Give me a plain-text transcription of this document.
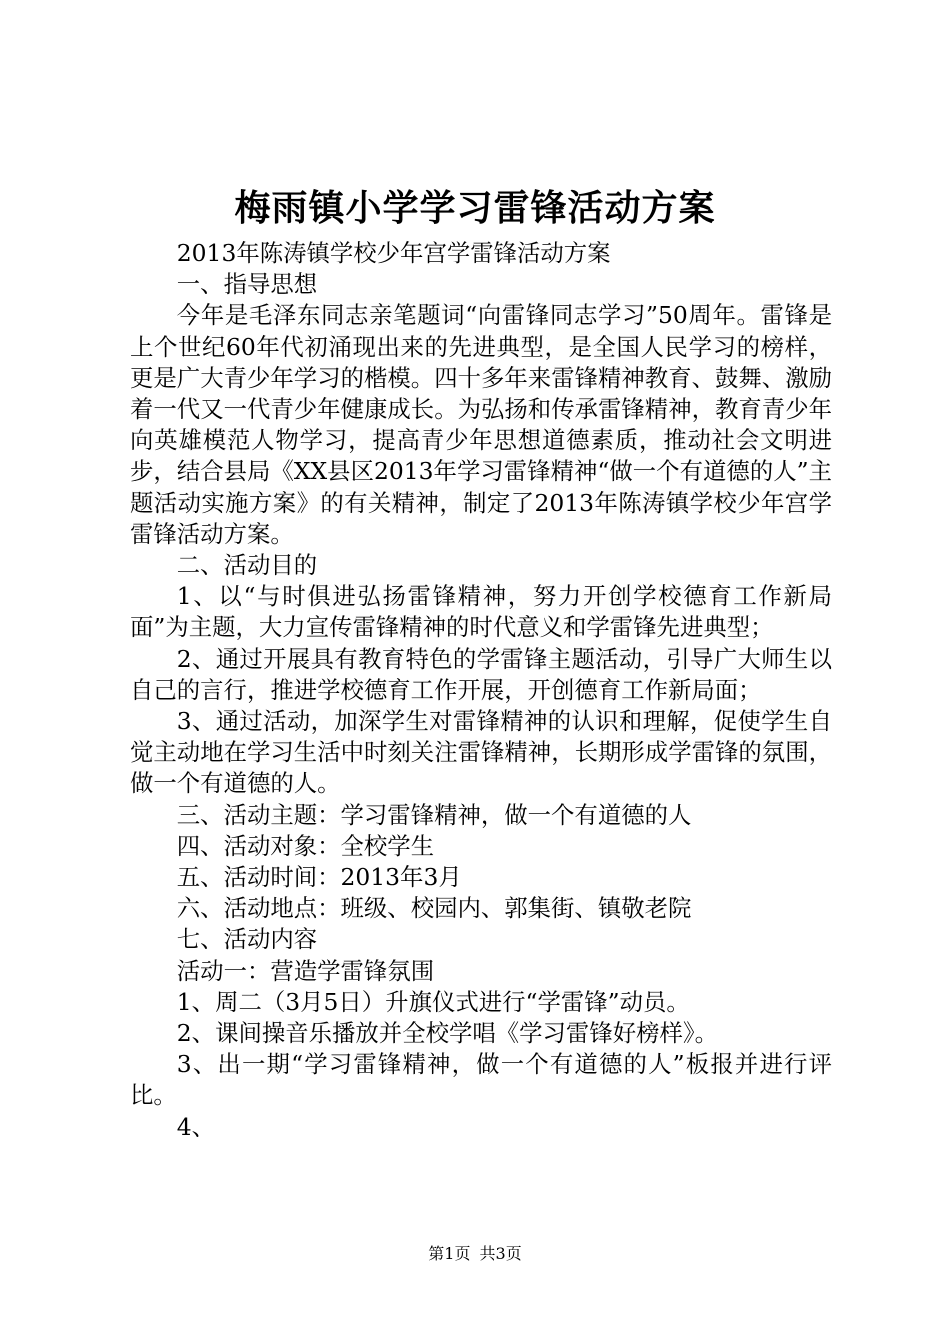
梅雨镇小学学习雷锋活动方案

2013年陈涛镇学校少年宫学雷锋活动方案

一、指导思想

今年是毛泽东同志亲笔题词“向雷锋同志学习”50周年。雷锋是上个世纪60年代初涌现出来的先进典型，是全国人民学习的榜样，更是广大青少年学习的楷模。四十多年来雷锋精神教育、鼓舞、激励着一代又一代青少年健康成长。为弘扬和传承雷锋精神，教育青少年向英雄模范人物学习，提高青少年思想道德素质，推动社会文明进步，结合县局《XX县区2013年学习雷锋精神“做一个有道德的人”主题活动实施方案》的有关精神，制定了2013年陈涛镇学校少年宫学雷锋活动方案。

二、活动目的

1、以“与时俱进弘扬雷锋精神，努力开创学校德育工作新局面”为主题，大力宣传雷锋精神的时代意义和学雷锋先进典型；

2、通过开展具有教育特色的学雷锋主题活动，引导广大师生以自己的言行，推进学校德育工作开展，开创德育工作新局面；

3、通过活动，加深学生对雷锋精神的认识和理解，促使学生自觉主动地在学习生活中时刻关注雷锋精神，长期形成学雷锋的氛围，做一个有道德的人。

三、活动主题：学习雷锋精神，做一个有道德的人

四、活动对象：全校学生

五、活动时间：2013年3月

六、活动地点：班级、校园内、郭集街、镇敬老院

七、活动内容

活动一：营造学雷锋氛围

1、周二（3月5日）升旗仪式进行“学雷锋”动员。

2、课间操音乐播放并全校学唱《学习雷锋好榜样》。

3、出一期“学习雷锋精神，做一个有道德的人”板报并进行评比。

4、

第1页 共3页
